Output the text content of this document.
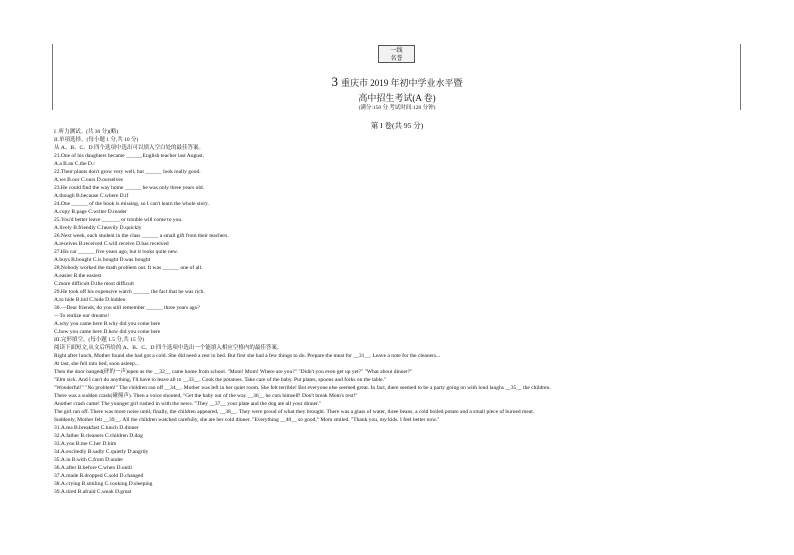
一线
名誉
3 重庆市 2019 年初中学业水平暨
高中招生考试(A 卷)
(满分:150 分 考试时间:120 分钟)
第 I 卷(共 95 分)
I .听力测试。(共 30 分)(略)
II.单项选择。(每小题 1 分,共 10 分)
从 A、B、C、D 四个选项中选出可以填入空白处的最佳答案。
21.One of his daughters became ______English teacher last August.
A.a B.an C.the D./
22.Their plants don't grow very well, but ______ look really good.
A.we B.our C.ours D.ourselves
23.He could find the way home ______ he was only three years old.
A.though B.because C.where D.if
24.One ______ of the book is missing, so I can't learn the whole story.
A.copy B.page C.writer D.reader
25.You'd better leave ______, or trouble will come to you.
A.lively B.friendly C.heavily D.quickly
26.Next week, each student in the class ______ a small gift from their teachers.
A.receives B.received C.will receive D.has received
27.His car ______ five years ago, but it looks quite new.
A.buys B.bought C.is bought D.was bought
28.Nobody worked the math problem out. It was ______ one of all.
A.easier B.the easiest
C.more difficult D.the most difficult
29.He took off his expensive watch ______ the fact that he was rich.
A.to hide B.hid C.hide D.hidden
30.—Dear friends, do you still remember ______ three years ago?
—To realize our dreams!
A.why you came here B.why did you come here
C.how you came here D.how did you come here
III.完形填空。(每小题 1.5 分,共 15 分)
阅读下面短文,从文后所给的 A、B、C、D 四个选项中选出一个能填入相应空格内的最佳答案。
Right after lunch, Mother found she had got a cold. She did need a rest in bed. But first she had a few things to do. Prepare the meat for __31__. Leave a note for the cleaners...
At last, she fell into bed, soon asleep...
Then the door banged(砰的一声)open as the __32__ came home from school. "Mom! Mom! Where are you?" "Didn't you even get up yet?" "What about dinner?"
"Elm sick. And I can't do anything, I'll have to leave all to __33__. Cook the potatoes. Take care of the baby. Put plates, spoons and forks on the table."
"Wonderful!" "No problem!" The children ran off __34__. Mother was left in her quiet room. She felt terrible! But everyone else seemed great. In fact, there seemed to be a party going on with loud laughs __35__ the children.
There was a sudden crash(碰撞声). Then a voice shouted, "Get the baby out of the way __36__ he cuts himself! Don't break Mom's rest!"
Another crash came! The younger girl rushed in with the news. "They __37__ your plate and the dog ate all your dinner."
The girl ran off. There was more noise until, finally, the children appeared, __38__. They were proud of what they brought. There was a glass of water, three beans, a cold boiled potato and a small piece of burned meat.
Suddenly, Mother felt __39__. All the children watched carefully, she ate her cold dinner. "Everything __40__ so good," Mom smiled. "Thank you, my kids. I feel better now."
31.A.tea B.breakfast C.lunch D.dinner
32.A.father B.cleaners C.children D.dog
33.A.you B.me C.her D.him
34.A.excitedly B.sadly C.quietly D.angrily
35.A.in B.with C.from D.under
36.A.after B.before C.when D.until
37.A.made B.dropped C.sold D.changed
38.A.crying B.smiling C.cooking D.sleeping
39.A.tired B.afraid C.weak D.great
